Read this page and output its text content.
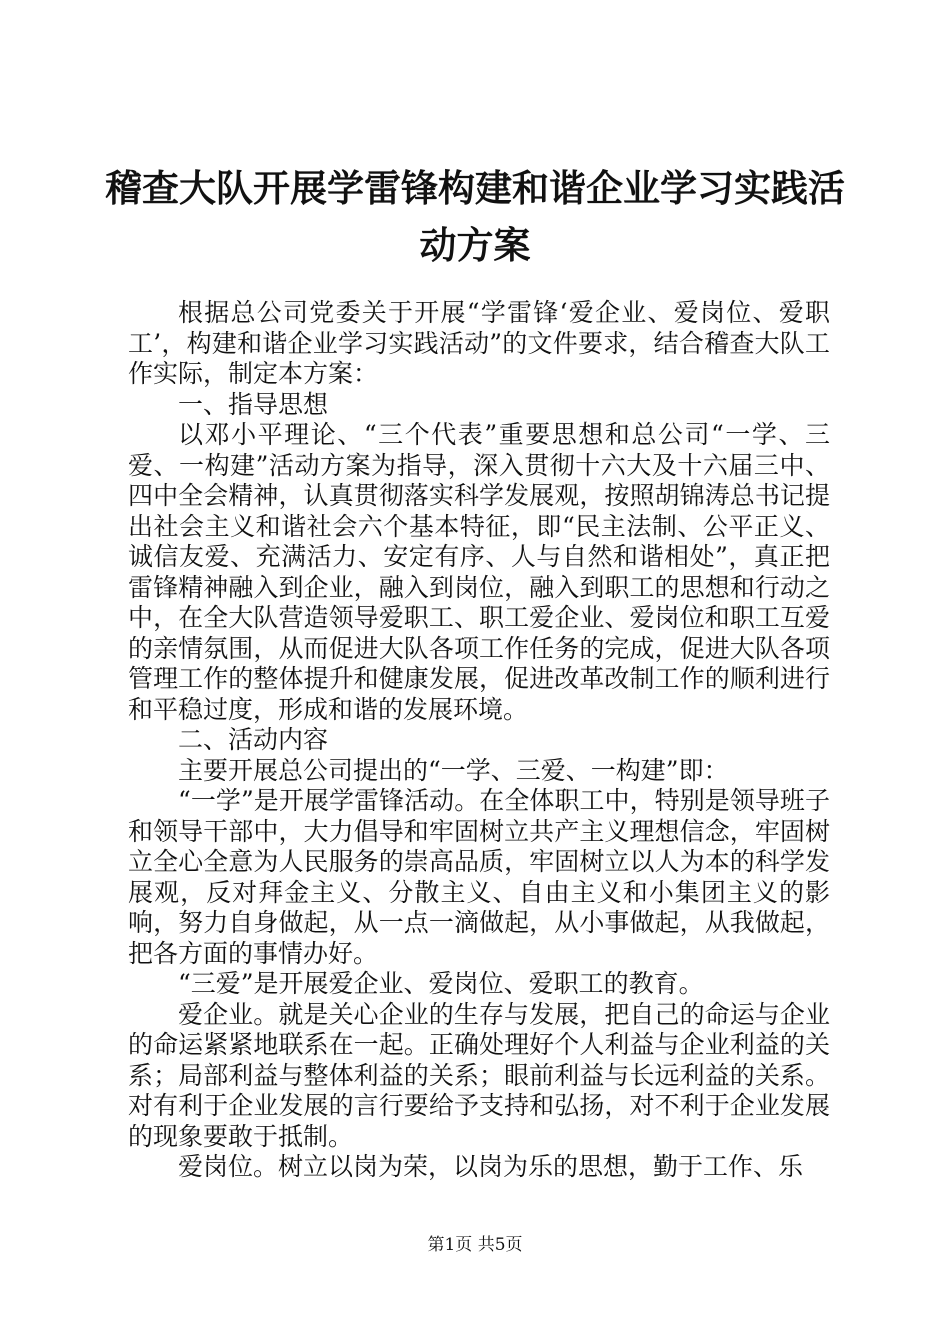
稽查大队开展学雷锋构建和谐企业学习实践活动方案

根据总公司党委关于开展“学雷锋‘爱企业、爱岗位、爱职工’，构建和谐企业学习实践活动”的文件要求，结合稽查大队工作实际，制定本方案：

一、指导思想

以邓小平理论、“三个代表”重要思想和总公司“一学、三爱、一构建”活动方案为指导，深入贯彻十六大及十六届三中、四中全会精神，认真贯彻落实科学发展观，按照胡锦涛总书记提出社会主义和谐社会六个基本特征，即“民主法制、公平正义、诚信友爱、充满活力、安定有序、人与自然和谐相处”，真正把雷锋精神融入到企业，融入到岗位，融入到职工的思想和行动之中，在全大队营造领导爱职工、职工爱企业、爱岗位和职工互爱的亲情氛围，从而促进大队各项工作任务的完成，促进大队各项管理工作的整体提升和健康发展，促进改革改制工作的顺利进行和平稳过度，形成和谐的发展环境。

二、活动内容

主要开展总公司提出的“一学、三爱、一构建”即：

“一学”是开展学雷锋活动。在全体职工中，特别是领导班子和领导干部中，大力倡导和牢固树立共产主义理想信念，牢固树立全心全意为人民服务的崇高品质，牢固树立以人为本的科学发展观，反对拜金主义、分散主义、自由主义和小集团主义的影响，努力自身做起，从一点一滴做起，从小事做起，从我做起，把各方面的事情办好。

“三爱”是开展爱企业、爱岗位、爱职工的教育。

爱企业。就是关心企业的生存与发展，把自己的命运与企业的命运紧紧地联系在一起。正确处理好个人利益与企业利益的关系；局部利益与整体利益的关系；眼前利益与长远利益的关系。对有利于企业发展的言行要给予支持和弘扬，对不利于企业发展的现象要敢于抵制。

爱岗位。树立以岗为荣，以岗为乐的思想，勤于工作、乐

第1页 共5页
